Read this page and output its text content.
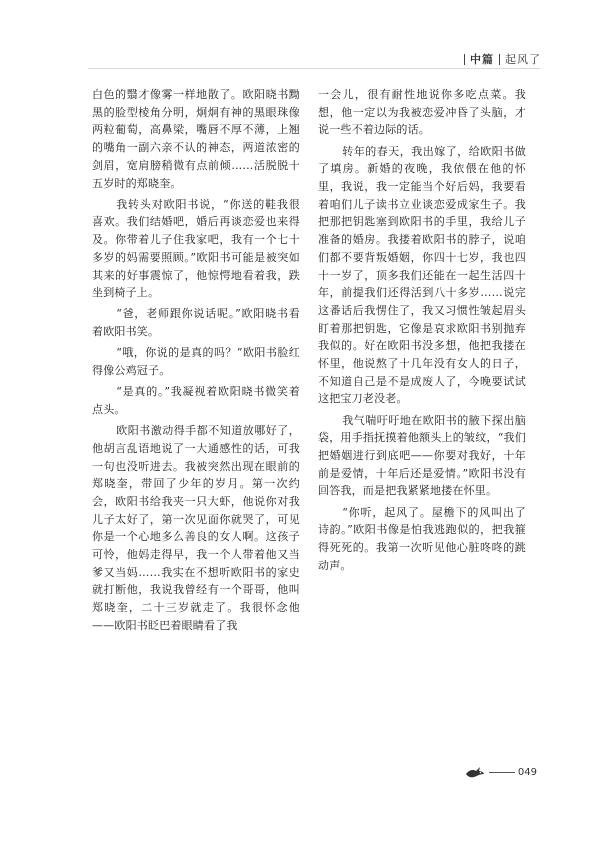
中篇 起风了

白色的翳才像雾一样地散了。欧阳晓书黝黑的脸型棱角分明，炯炯有神的黑眼珠像两粒葡萄，高鼻梁，嘴唇不厚不薄，上翘的嘴角一副六亲不认的神态，两道浓密的剑眉，宽肩膀稍微有点前倾……活脱脱十五岁时的郑晓奎。

我转头对欧阳书说，“你送的鞋我很喜欢。我们结婚吧，婚后再谈恋爱也来得及。你带着儿子住我家吧，我有一个七十多岁的妈需要照顾。”欧阳书可能是被突如其来的好事震惊了，他惊愕地看着我，跌坐到椅子上。

“爸，老师跟你说话呢。”欧阳晓书看着欧阳书笑。

“哦，你说的是真的吗？”欧阳书脸红得像公鸡冠子。

“是真的。”我凝视着欧阳晓书微笑着点头。

欧阳书激动得手都不知道放哪好了，他胡言乱语地说了一大通感性的话，可我一句也没听进去。我被突然出现在眼前的郑晓奎，带回了少年的岁月。第一次约会，欧阳书给我夹一只大虾，他说你对我儿子太好了，第一次见面你就哭了，可见你是一个心地多么善良的女人啊。这孩子可怜，他妈走得早，我一个人带着他又当爹又当妈……我实在不想听欧阳书的家史就打断他，我说我曾经有一个哥哥，他叫郑晓奎，二十三岁就走了。我很怀念他——欧阳书眨巴着眼睛看了我

一会儿，很有耐性地说你多吃点菜。我想，他一定以为我被恋爱冲昏了头脑，才说一些不着边际的话。

转年的春天，我出嫁了，给欧阳书做了填房。新婚的夜晚，我依偎在他的怀里，我说，我一定能当个好后妈，我要看着咱们儿子读书立业谈恋爱成家生子。我把那把钥匙塞到欧阳书的手里，我给儿子准备的婚房。我搂着欧阳书的脖子，说咱们都不要背叛婚姻，你四十七岁，我也四十一岁了，顶多我们还能在一起生活四十年，前提我们还得活到八十多岁……说完这番话后我愣住了，我又习惯性皱起眉头盯着那把钥匙，它像是哀求欧阳书别抛弃我似的。好在欧阳书没多想，他把我搂在怀里，他说熬了十几年没有女人的日子，不知道自己是不是成废人了，今晚要试试这把宝刀老没老。

我气喘吁吁地在欧阳书的腋下探出脑袋，用手指抚摸着他额头上的皱纹，“我们把婚姻进行到底吧——你要对我好，十年前是爱情，十年后还是爱情。”欧阳书没有回答我，而是把我紧紧地搂在怀里。

“你听，起风了。屋檐下的风叫出了诗韵。”欧阳书像是怕我逃跑似的，把我箍得死死的。我第一次听见他心脏咚咚的跳动声。

049
